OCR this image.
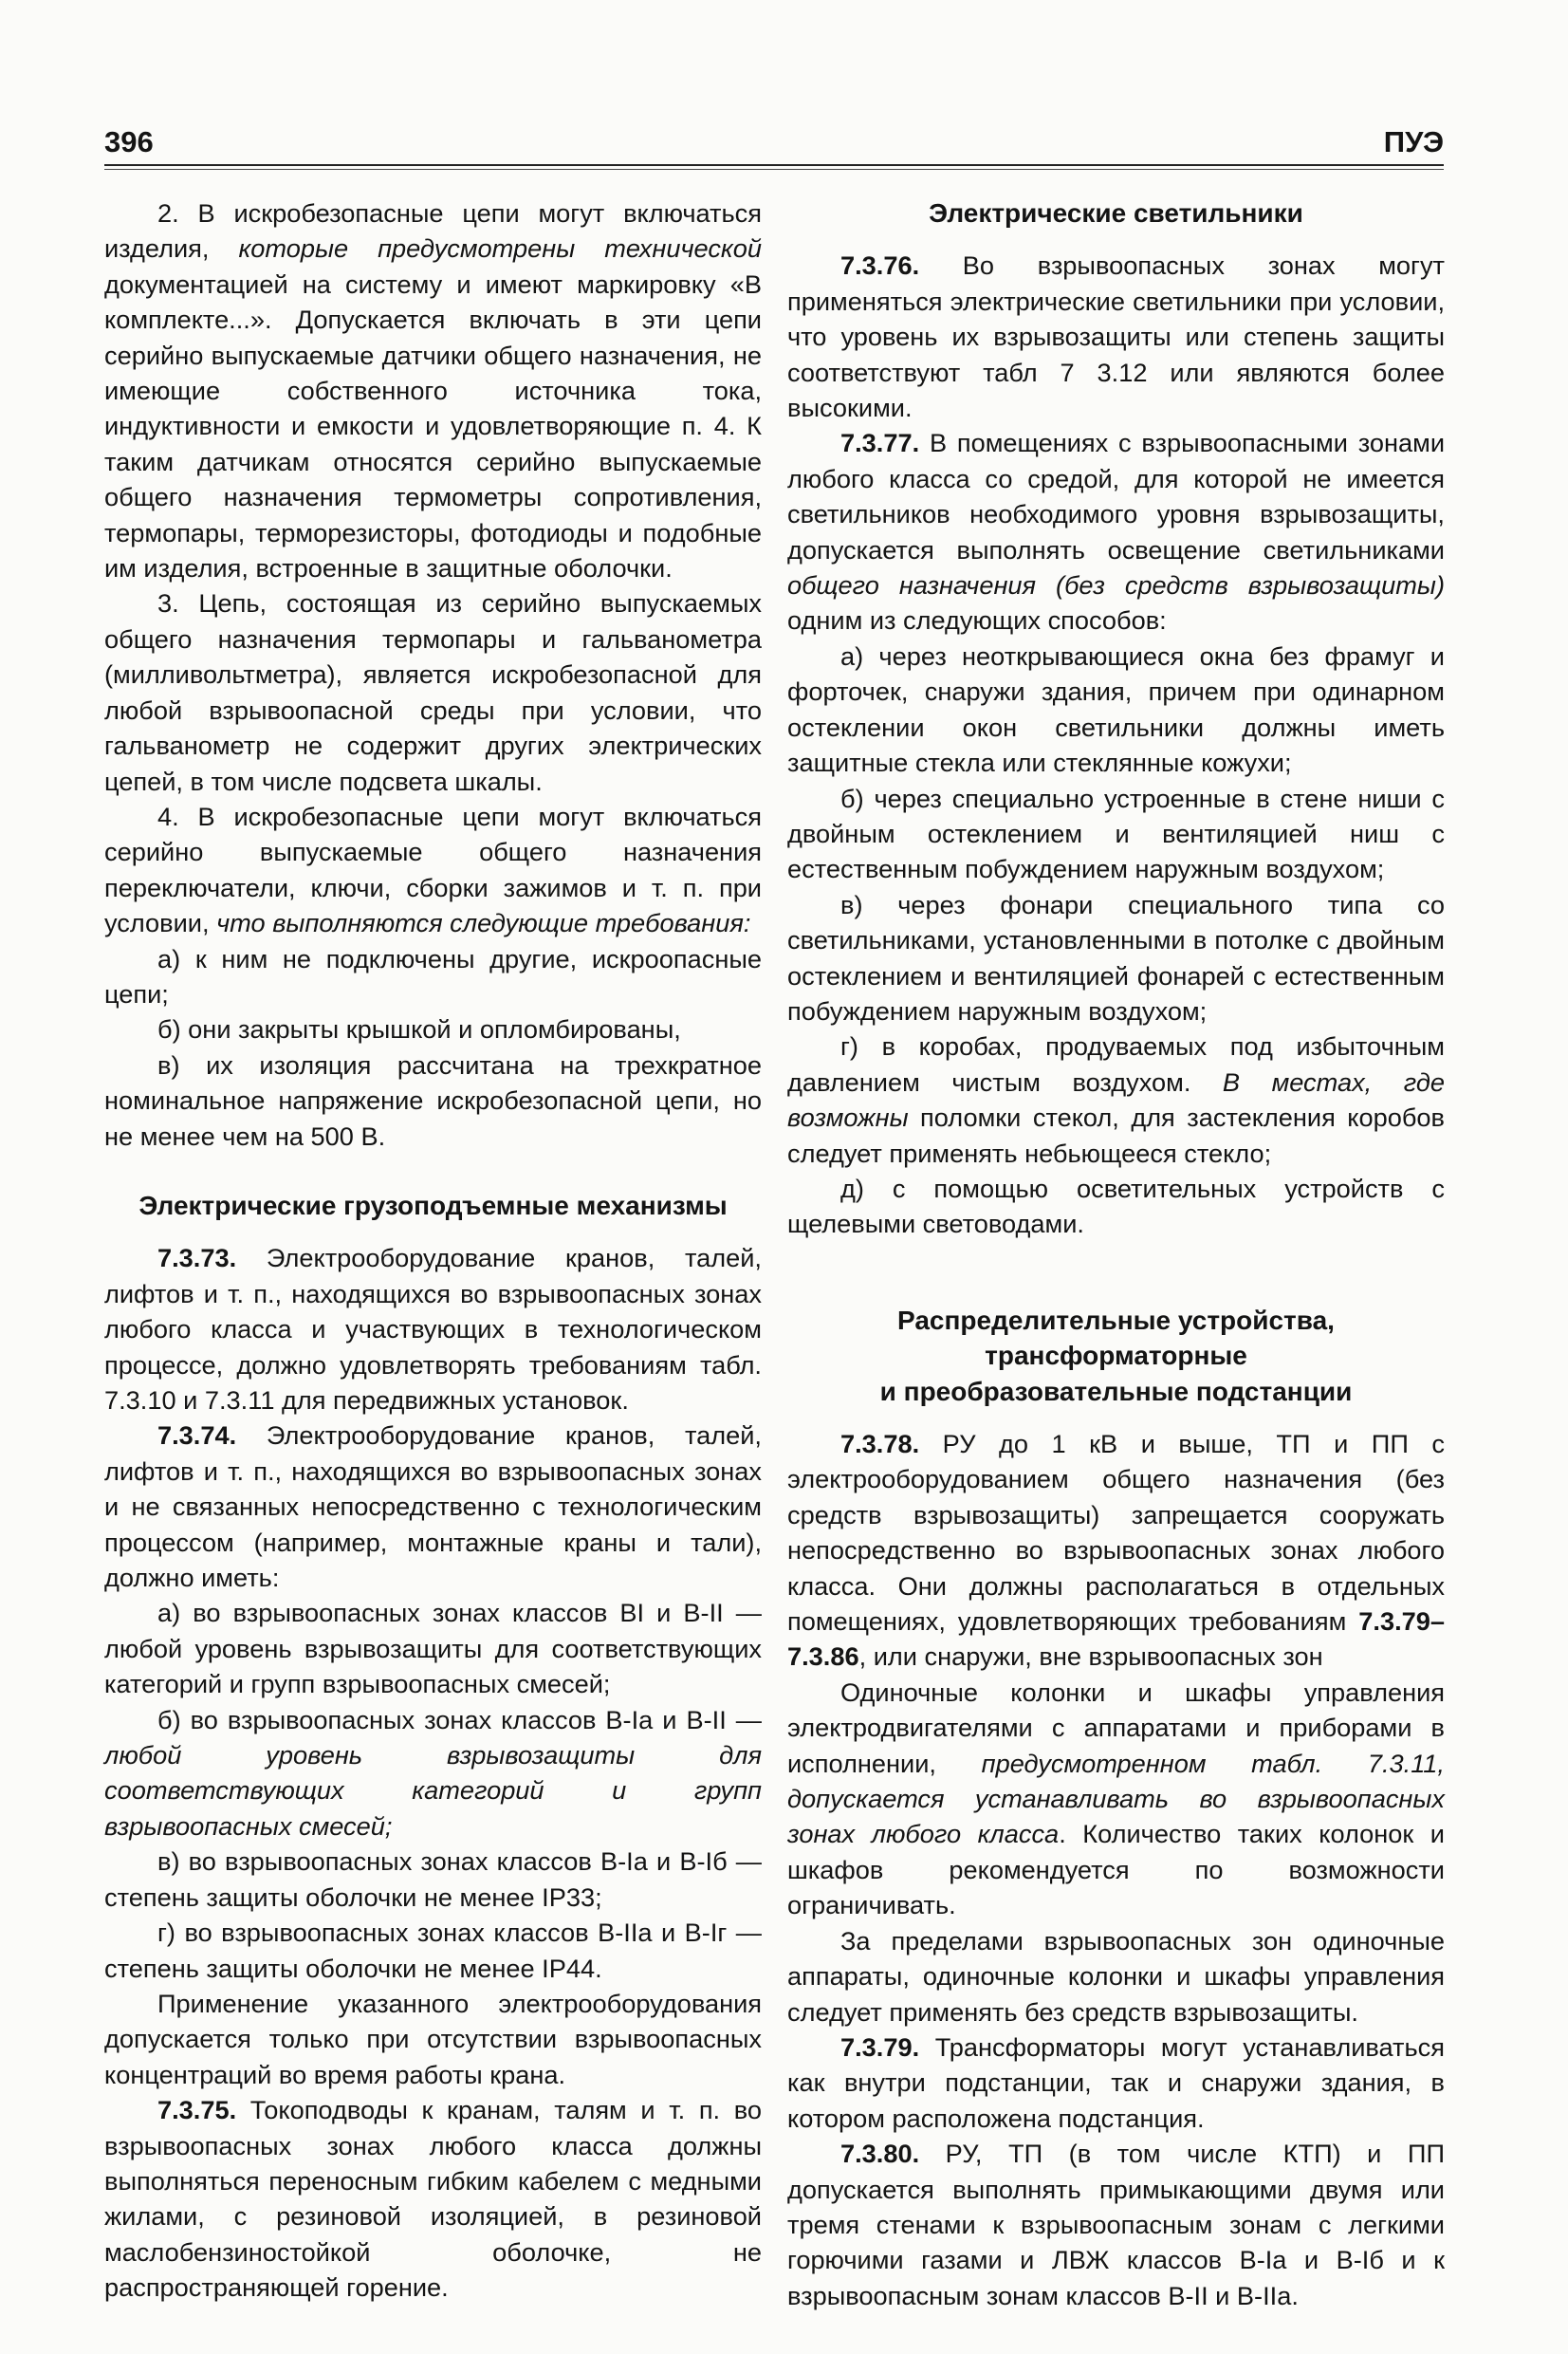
396	ПУЭ

2. В искробезопасные цепи могут включаться изделия, которые предусмотрены технической документацией на систему и имеют маркировку «В комплекте...». Допускается включать в эти цепи серийно выпускаемые датчики общего назначения, не имеющие собственного источника тока, индуктивности и емкости и удовлетворяющие п. 4. К таким датчикам относятся серийно выпускаемые общего назначения термометры сопротивления, термопары, терморезисторы, фотодиоды и подобные им изделия, встроенные в защитные оболочки.

3. Цепь, состоящая из серийно выпускаемых общего назначения термопары и гальванометра (милливольтметра), является искробезопасной для любой взрывоопасной среды при условии, что гальванометр не содержит других электрических цепей, в том числе подсвета шкалы.

4. В искробезопасные цепи могут включаться серийно выпускаемые общего назначения переключатели, ключи, сборки зажимов и т. п. при условии, что выполняются следующие требования:

а) к ним не подключены другие, искроопасные цепи;

б) они закрыты крышкой и опломбированы,

в) их изоляция рассчитана на трехкратное номинальное напряжение искробезопасной цепи, но не менее чем на 500 В.

Электрические грузоподъемные механизмы

7.3.73. Электрооборудование кранов, талей, лифтов и т. п., находящихся во взрывоопасных зонах любого класса и участвующих в технологическом процессе, должно удовлетворять требованиям табл. 7.3.10 и 7.3.11 для передвижных установок.

7.3.74. Электрооборудование кранов, талей, лифтов и т. п., находящихся во взрывоопасных зонах и не связанных непосредственно с технологическим процессом (например, монтажные краны и тали), должно иметь:

а) во взрывоопасных зонах классов ВI и В-II — любой уровень взрывозащиты для соответствующих категорий и групп взрывоопасных смесей;

б) во взрывоопасных зонах классов В-Ia и В-II — любой уровень взрывозащиты для соответствующих категорий и групп взрывоопасных смесей;

в) во взрывоопасных зонах классов В-Ia и В-Iб — степень защиты оболочки не менее IP33;

г) во взрывоопасных зонах классов В-IIa и В-Iг — степень защиты оболочки не менее IP44.

Применение указанного электрооборудования допускается только при отсутствии взрывоопасных концентраций во время работы крана.

7.3.75. Токоподводы к кранам, талям и т. п. во взрывоопасных зонах любого класса должны выполняться переносным гибким кабелем с медными жилами, с резиновой изоляцией, в резиновой маслобензиностойкой оболочке, не распространяющей горение.

Электрические светильники

7.3.76. Во взрывоопасных зонах могут применяться электрические светильники при условии, что уровень их взрывозащиты или степень защиты соответствуют табл 7 3.12 или являются более высокими.

7.3.77. В помещениях с взрывоопасными зонами любого класса со средой, для которой не имеется светильников необходимого уровня взрывозащиты, допускается выполнять освещение светильниками общего назначения (без средств взрывозащиты) одним из следующих способов:

а) через неоткрывающиеся окна без фрамуг и форточек, снаружи здания, причем при одинарном остеклении окон светильники должны иметь защитные стекла или стеклянные кожухи;

б) через специально устроенные в стене ниши с двойным остеклением и вентиляцией ниш с естественным побуждением наружным воздухом;

в) через фонари специального типа со светильниками, установленными в потолке с двойным остеклением и вентиляцией фонарей с естественным побуждением наружным воздухом;

г) в коробах, продуваемых под избыточным давлением чистым воздухом. В местах, где возможны поломки стекол, для застекления коробов следует применять небьющееся стекло;

д) с помощью осветительных устройств с щелевыми световодами.

Распределительные устройства,
трансформаторные
и преобразовательные подстанции

7.3.78. РУ до 1 кВ и выше, ТП и ПП с электрооборудованием общего назначения (без средств взрывозащиты) запрещается сооружать непосредственно во взрывоопасных зонах любого класса. Они должны располагаться в отдельных помещениях, удовлетворяющих требованиям 7.3.79–7.3.86, или снаружи, вне взрывоопасных зон

Одиночные колонки и шкафы управления электродвигателями с аппаратами и приборами в исполнении, предусмотренном табл. 7.3.11, допускается устанавливать во взрывоопасных зонах любого класса. Количество таких колонок и шкафов рекомендуется по возможности ограничивать.

За пределами взрывоопасных зон одиночные аппараты, одиночные колонки и шкафы управления следует применять без средств взрывозащиты.

7.3.79. Трансформаторы могут устанавливаться как внутри подстанции, так и снаружи здания, в котором расположена подстанция.

7.3.80. РУ, ТП (в том числе КТП) и ПП допускается выполнять примыкающими двумя или тремя стенами к взрывоопасным зонам с легкими горючими газами и ЛВЖ классов В-Ia и В-Iб и к взрывоопасным зонам классов В-II и В-IIa.
